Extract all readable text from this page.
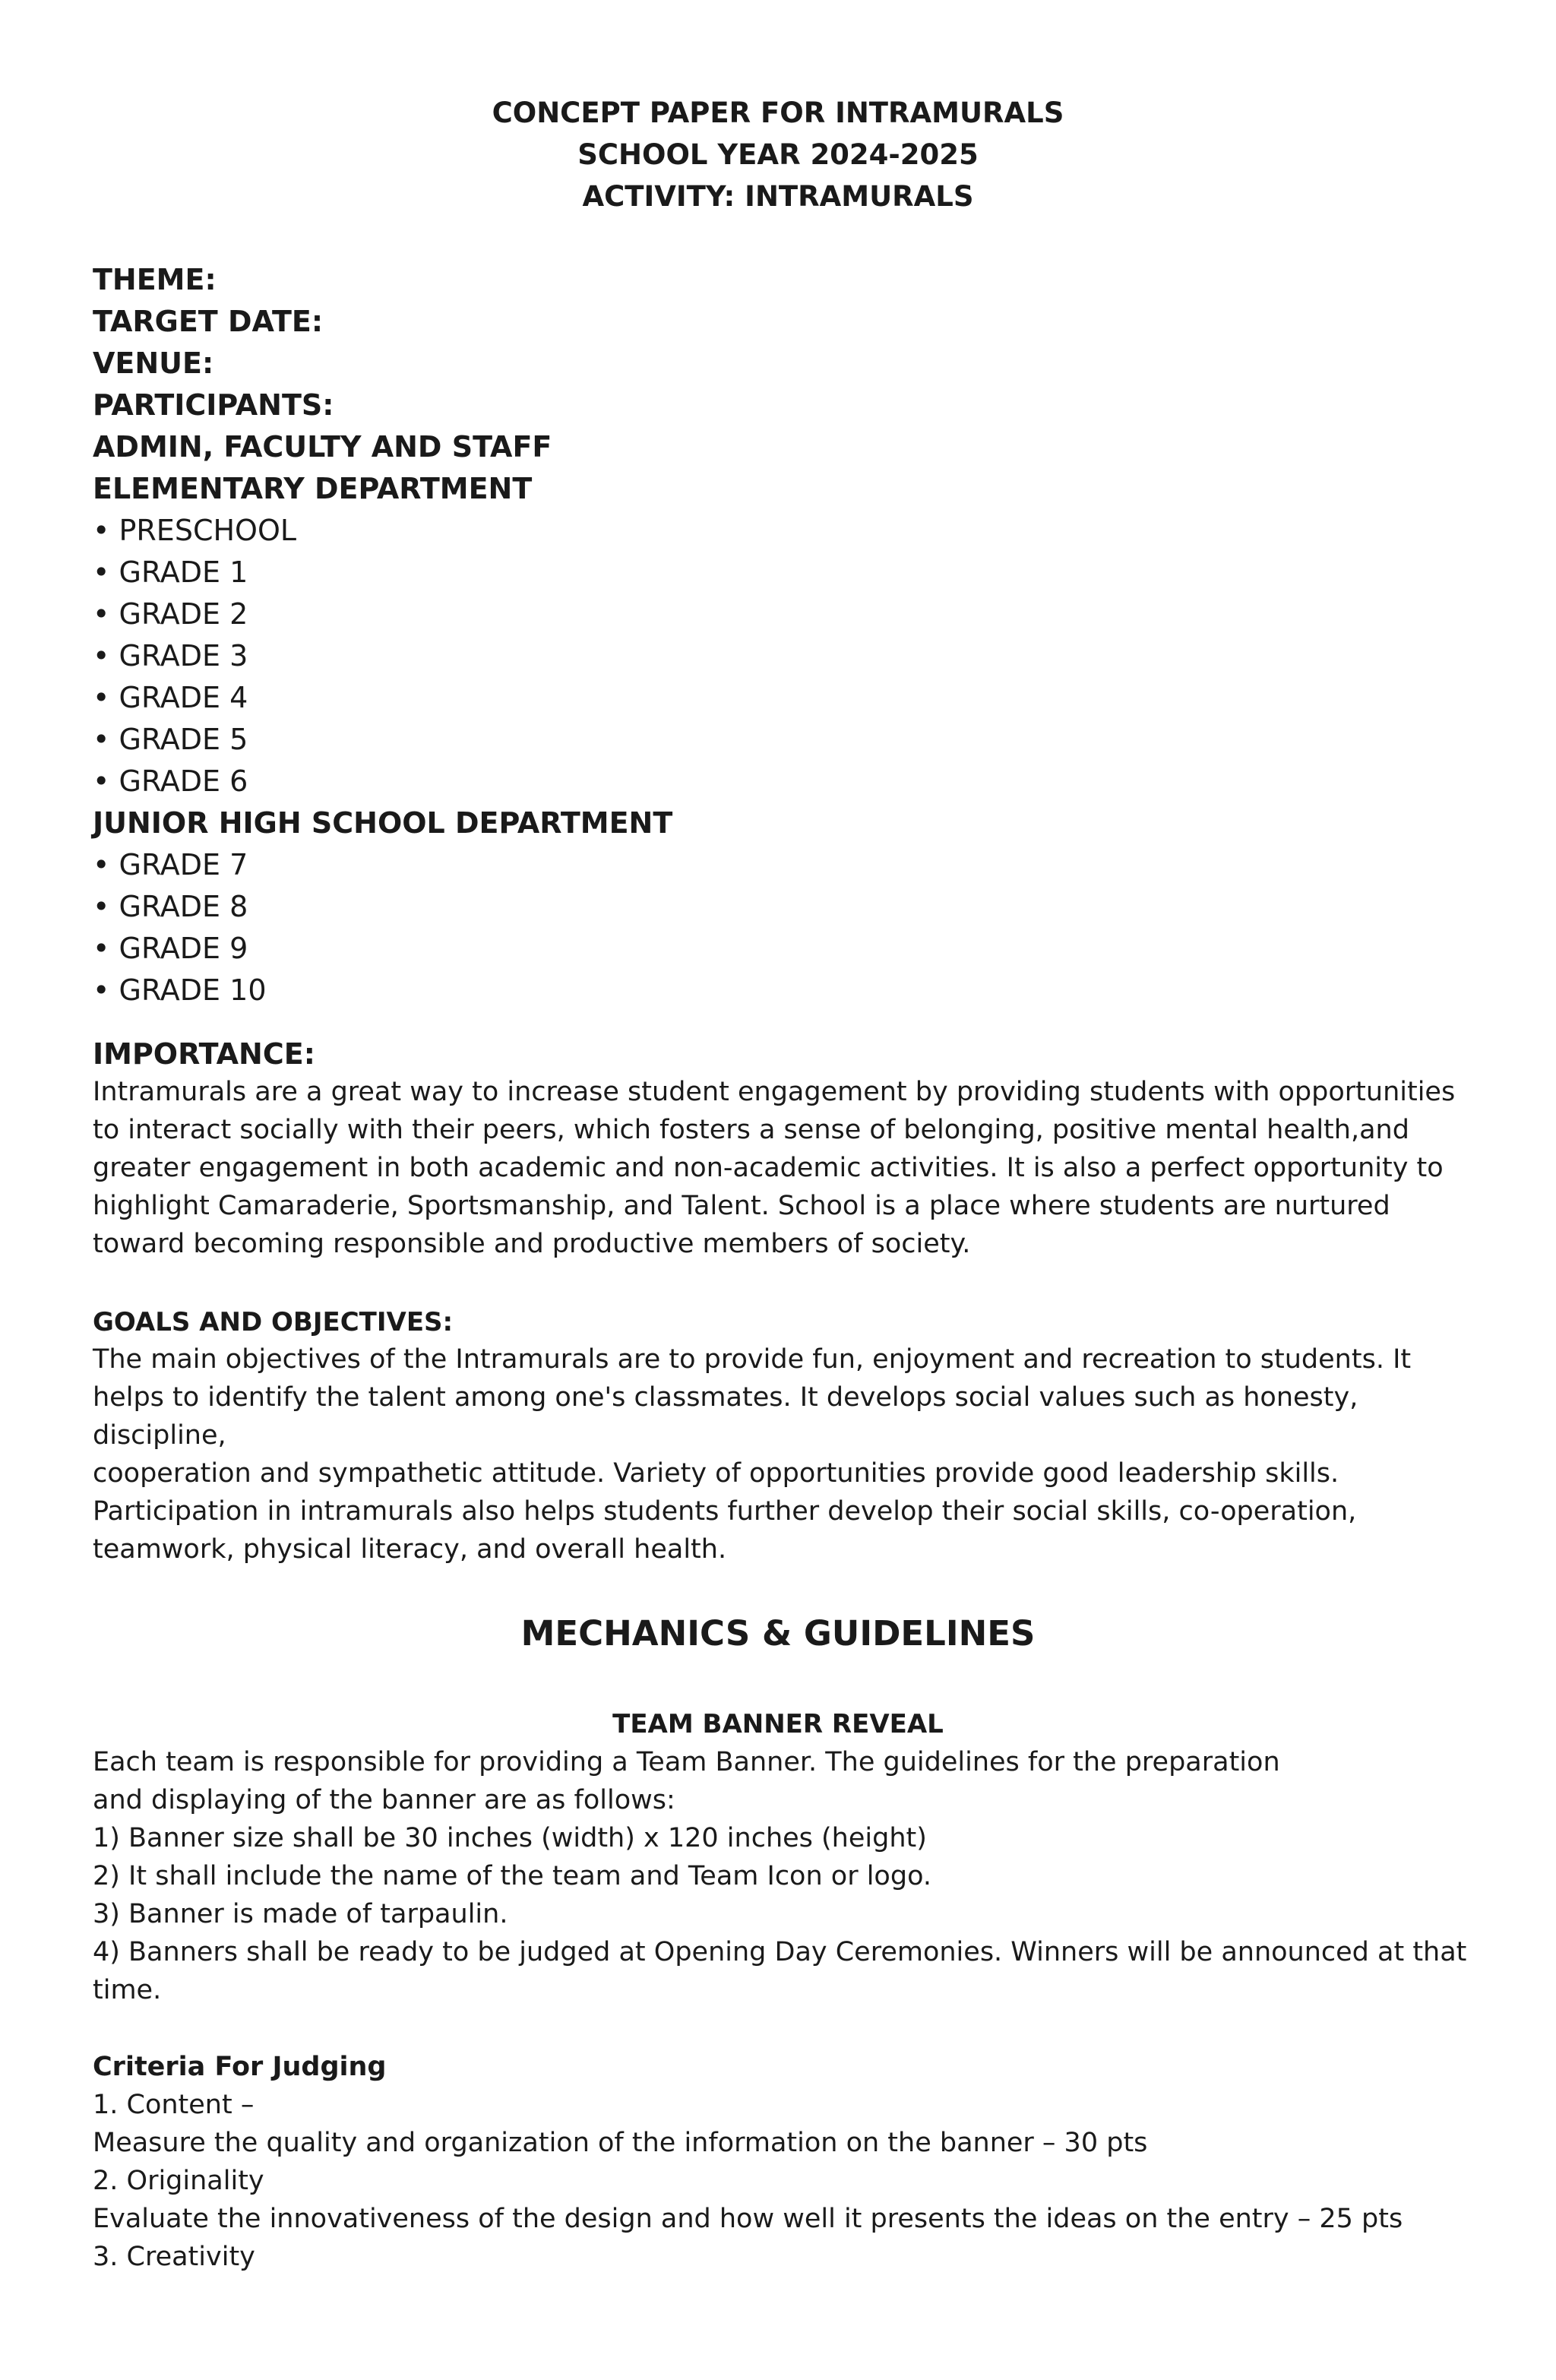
CONCEPT PAPER FOR INTRAMURALS
SCHOOL YEAR 2024-2025
ACTIVITY: INTRAMURALS
THEME:
TARGET DATE:
VENUE:
PARTICIPANTS:
ADMIN, FACULTY AND STAFF
ELEMENTARY DEPARTMENT
• PRESCHOOL
• GRADE 1
• GRADE 2
• GRADE 3
• GRADE 4
• GRADE 5
• GRADE 6
JUNIOR HIGH SCHOOL DEPARTMENT
• GRADE 7
• GRADE 8
• GRADE 9
• GRADE 10
IMPORTANCE:

Intramurals are a great way to increase student engagement by providing students with opportunities

to interact socially with their peers, which fosters a sense of belonging, positive mental health,and

greater engagement in both academic and non-academic activities. It is also a perfect opportunity to

highlight Camaraderie, Sportsmanship, and Talent. School is a place where students are nurtured

toward becoming responsible and productive members of society.

GOALS AND OBJECTIVES:

The main objectives of the Intramurals are to provide fun, enjoyment and recreation to students. It

helps to identify the talent among one's classmates. It develops social values such as honesty, discipline,

cooperation and sympathetic attitude. Variety of opportunities provide good leadership skills.

Participation in intramurals also helps students further develop their social skills, co-operation,

teamwork, physical literacy, and overall health.

MECHANICS & GUIDELINES
TEAM BANNER REVEAL
Each team is responsible for providing a Team Banner. The guidelines for the preparation
and displaying of the banner are as follows:
1) Banner size shall be 30 inches (width) x 120 inches (height)
2) It shall include the name of the team and Team Icon or logo.
3) Banner is made of tarpaulin.
4) Banners shall be ready to be judged at Opening Day Ceremonies. Winners will be announced at that
time.
Criteria For Judging
1. Content –
Measure the quality and organization of the information on the banner – 30 pts
2. Originality
Evaluate the innovativeness of the design and how well it presents the ideas on the entry – 25 pts
3. Creativity
